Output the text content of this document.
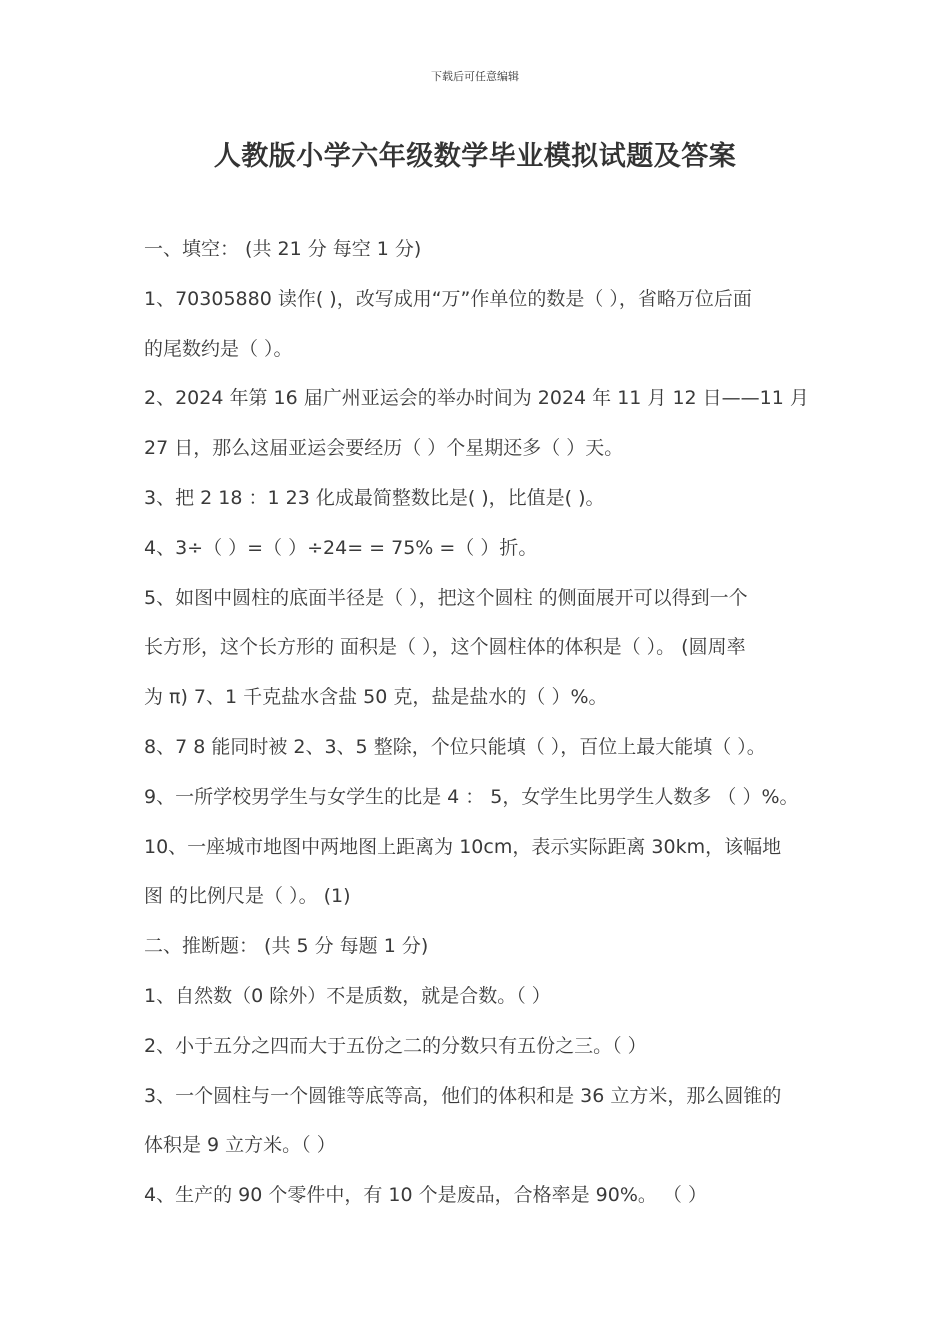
下载后可任意编辑
人教版小学六年级数学毕业模拟试题及答案
一、填空： (共 21 分 每空 1 分)
1、70305880 读作( )，改写成用“万”作单位的数是（ ），省略万位后面
的尾数约是（ ）。
2、2024 年第 16 届广州亚运会的举办时间为 2024 年 11 月 12 日——11 月
27 日，那么这届亚运会要经历（ ）个星期还多（ ）天。
3、把 2 18 ：1 23 化成最简整数比是( )，比值是( )。
4、3÷（ ）=（ ）÷24= = 75% =（ ）折。
5、如图中圆柱的底面半径是（ ），把这个圆柱 的侧面展开可以得到一个
长方形，这个长方形的 面积是（ ），这个圆柱体的体积是（ ）。 (圆周率
为 π) 7、1 千克盐水含盐 50 克，盐是盐水的（ ）%。
8、7 8 能同时被 2、3、5 整除，个位只能填（ ），百位上最大能填（ ）。
9、一所学校男学生与女学生的比是 4 ： 5，女学生比男学生人数多 （ ）%。
10、一座城市地图中两地图上距离为 10cm，表示实际距离 30km，该幅地
图 的比例尺是（ ）。 (1)
二、推断题： (共 5 分 每题 1 分)
1、自然数（0 除外）不是质数，就是合数。（ ）
2、小于五分之四而大于五份之二的分数只有五份之三。（ ）
3、一个圆柱与一个圆锥等底等高，他们的体积和是 36 立方米，那么圆锥的
体积是 9 立方米。（ ）
4、生产的 90 个零件中，有 10 个是废品，合格率是 90%。 （ ）
